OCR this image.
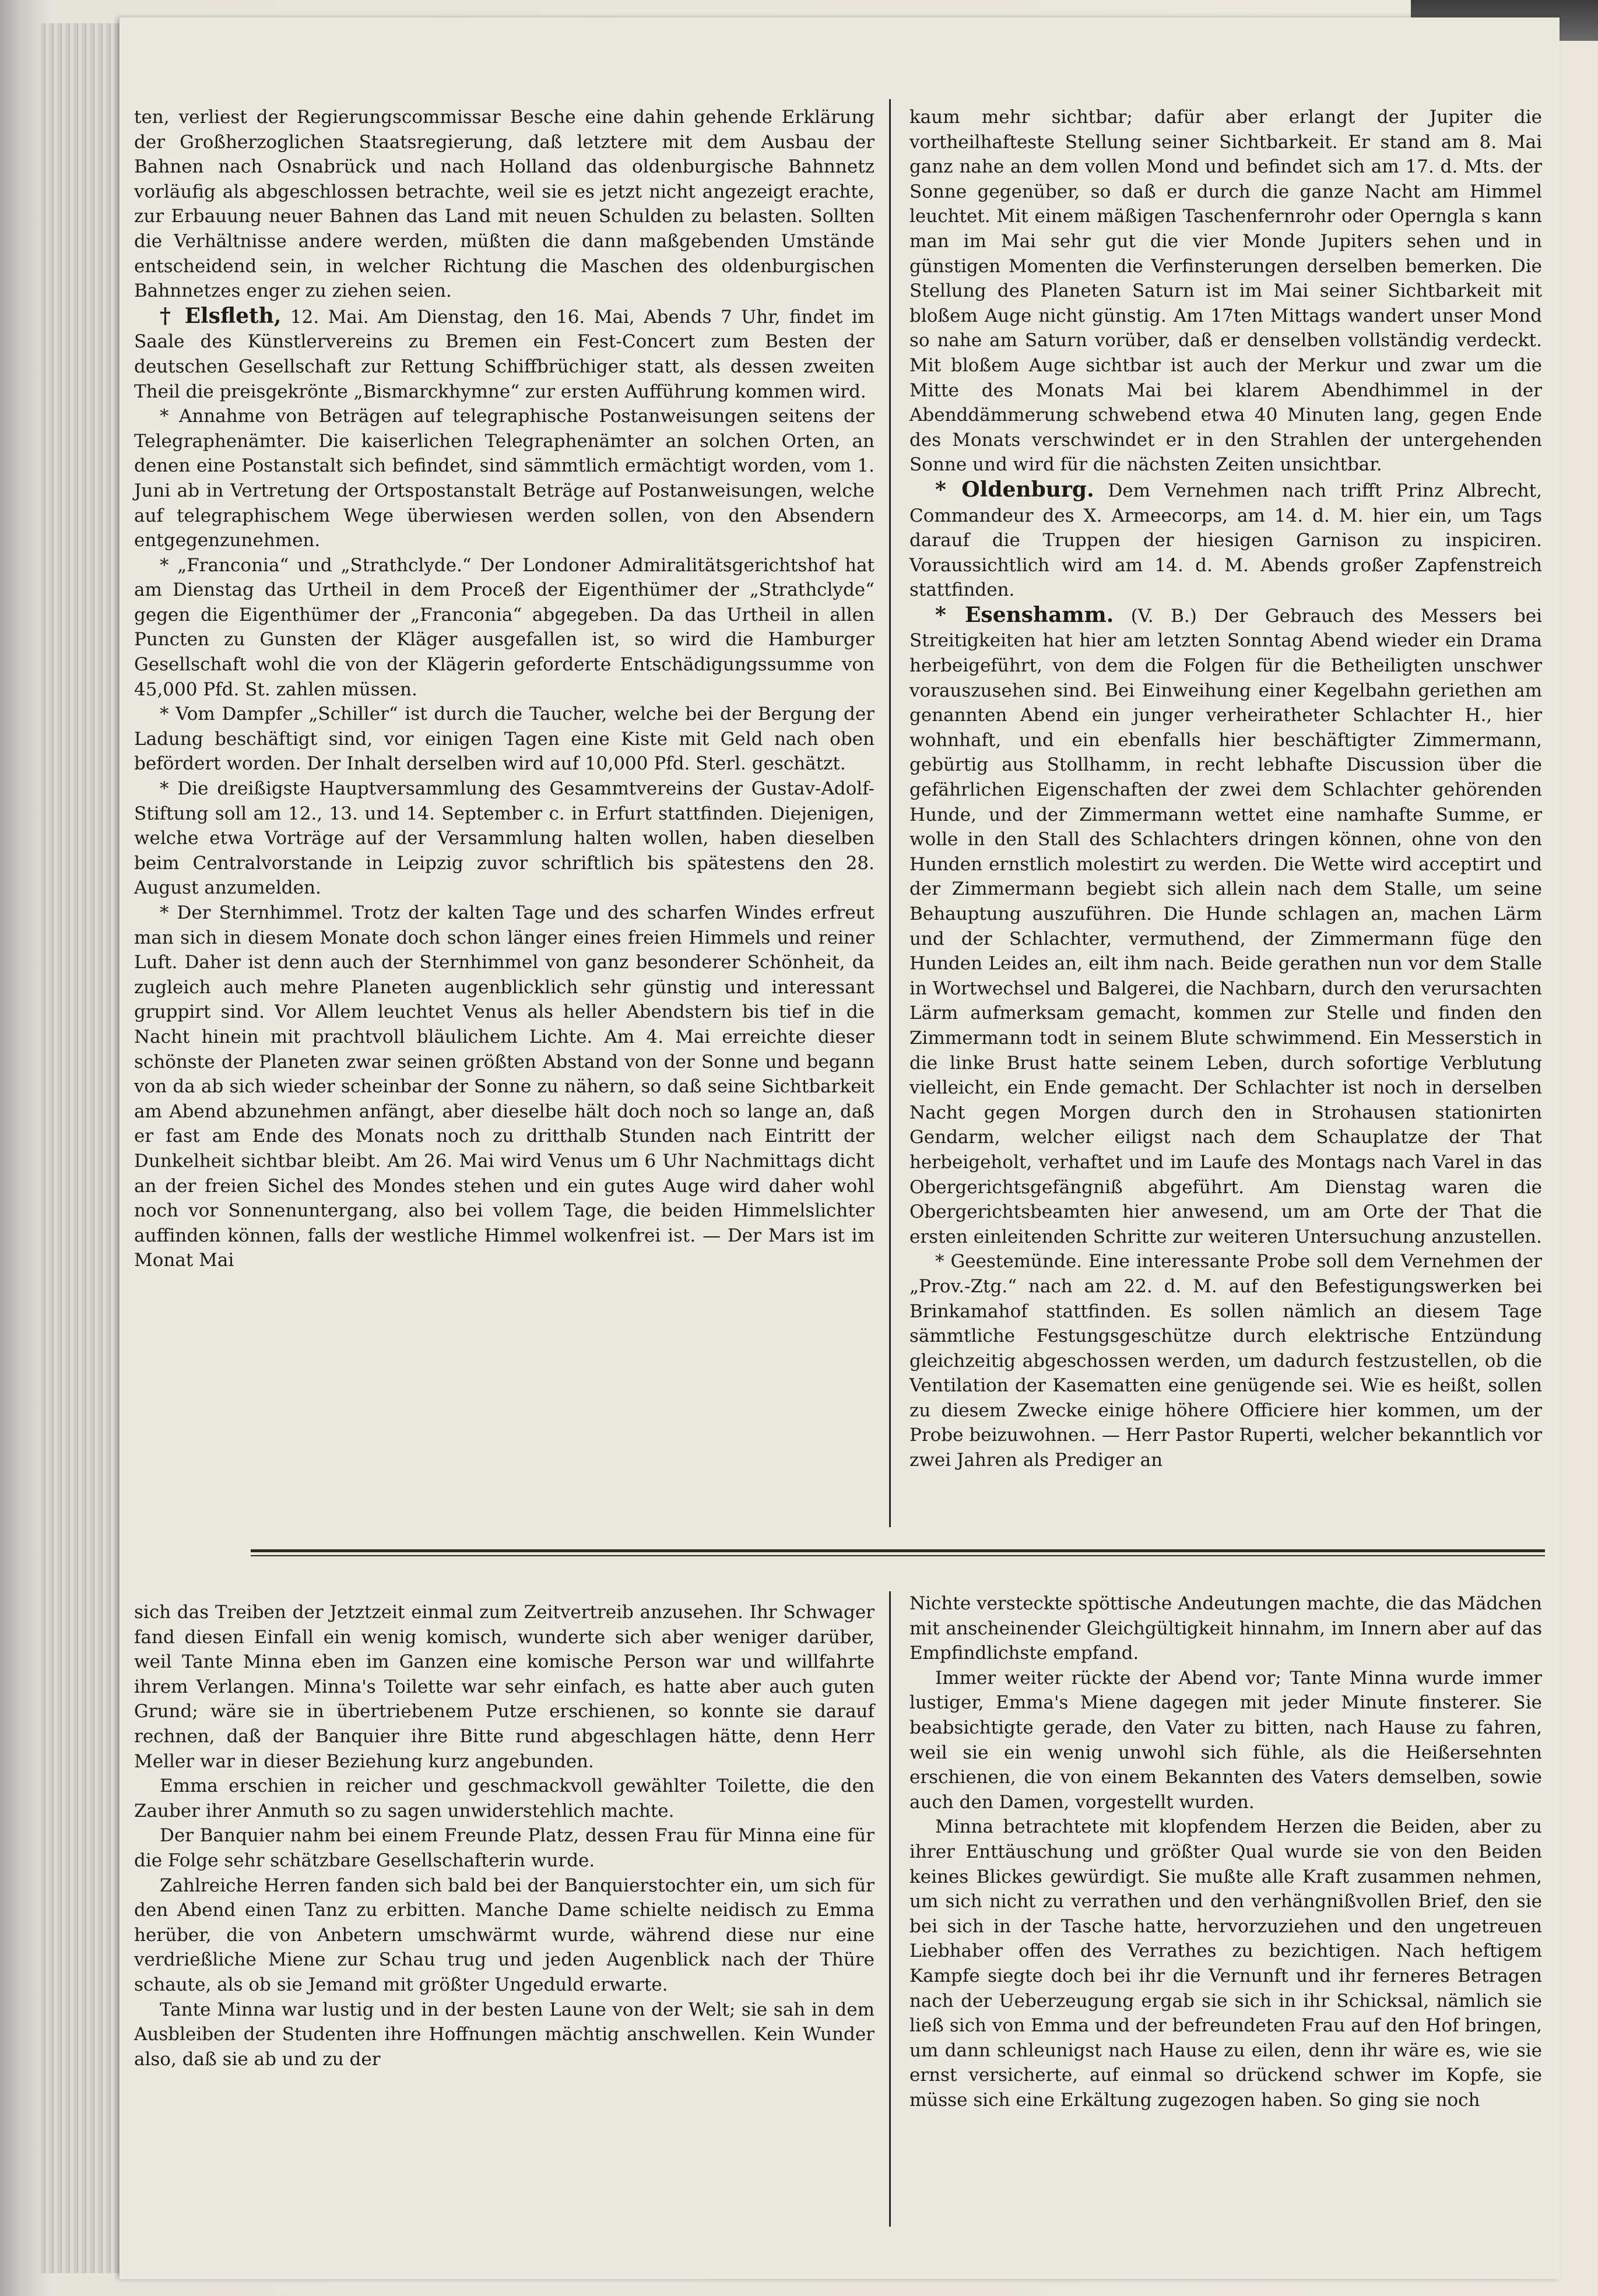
ten, verliest der Regierungscommissar Besche eine dahin gehende Erklärung der Großherzoglichen Staatsregierung, daß letztere mit dem Ausbau der Bahnen nach Osnabrück und nach Holland das oldenburgische Bahnnetz vorläufig als abgeschlossen betrachte, weil sie es jetzt nicht angezeigt erachte, zur Erbauung neuer Bahnen das Land mit neuen Schulden zu belasten. Sollten die Verhältnisse andere werden, müßten die dann maßgebenden Umstände entscheidend sein, in welcher Richtung die Maschen des oldenburgischen Bahnnetzes enger zu ziehen seien.

† Elsfleth, 12. Mai. Am Dienstag, den 16. Mai, Abends 7 Uhr, findet im Saale des Künstlervereins zu Bremen ein Fest-Concert zum Besten der deutschen Gesellschaft zur Rettung Schiffbrüchiger statt, als dessen zweiten Theil die preisgekrönte „Bismarckhymne“ zur ersten Aufführung kommen wird.

* Annahme von Beträgen auf telegraphische Postanweisungen seitens der Telegraphenämter. Die kaiserlichen Telegraphenämter an solchen Orten, an denen eine Postanstalt sich befindet, sind sämmtlich ermächtigt worden, vom 1. Juni ab in Vertretung der Ortspostanstalt Beträge auf Postanweisungen, welche auf telegraphischem Wege überwiesen werden sollen, von den Absendern entgegenzunehmen.

* „Franconia“ und „Strathclyde.“ Der Londoner Admiralitätsgerichtshof hat am Dienstag das Urtheil in dem Proceß der Eigenthümer der „Strathclyde“ gegen die Eigenthümer der „Franconia“ abgegeben. Da das Urtheil in allen Puncten zu Gunsten der Kläger ausgefallen ist, so wird die Hamburger Gesellschaft wohl die von der Klägerin geforderte Entschädigungssumme von 45,000 Pfd. St. zahlen müssen.

* Vom Dampfer „Schiller“ ist durch die Taucher, welche bei der Bergung der Ladung beschäftigt sind, vor einigen Tagen eine Kiste mit Geld nach oben befördert worden. Der Inhalt derselben wird auf 10,000 Pfd. Sterl. geschätzt.

* Die dreißigste Hauptversammlung des Gesammtvereins der Gustav-Adolf-Stiftung soll am 12., 13. und 14. September c. in Erfurt stattfinden. Diejenigen, welche etwa Vorträge auf der Versammlung halten wollen, haben dieselben beim Centralvorstande in Leipzig zuvor schriftlich bis spätestens den 28. August anzumelden.

* Der Sternhimmel. Trotz der kalten Tage und des scharfen Windes erfreut man sich in diesem Monate doch schon länger eines freien Himmels und reiner Luft. Daher ist denn auch der Sternhimmel von ganz besonderer Schönheit, da zugleich auch mehre Planeten augenblicklich sehr günstig und interessant gruppirt sind. Vor Allem leuchtet Venus als heller Abendstern bis tief in die Nacht hinein mit prachtvoll bläulichem Lichte. Am 4. Mai erreichte dieser schönste der Planeten zwar seinen größten Abstand von der Sonne und begann von da ab sich wieder scheinbar der Sonne zu nähern, so daß seine Sichtbarkeit am Abend abzunehmen anfängt, aber dieselbe hält doch noch so lange an, daß er fast am Ende des Monats noch zu dritthalb Stunden nach Eintritt der Dunkelheit sichtbar bleibt. Am 26. Mai wird Venus um 6 Uhr Nachmittags dicht an der freien Sichel des Mondes stehen und ein gutes Auge wird daher wohl noch vor Sonnenuntergang, also bei vollem Tage, die beiden Himmelslichter auffinden können, falls der westliche Himmel wolkenfrei ist. — Der Mars ist im Monat Mai

kaum mehr sichtbar; dafür aber erlangt der Jupiter die vortheilhafteste Stellung seiner Sichtbarkeit. Er stand am 8. Mai ganz nahe an dem vollen Mond und befindet sich am 17. d. Mts. der Sonne gegenüber, so daß er durch die ganze Nacht am Himmel leuchtet. Mit einem mäßigen Taschenfernrohr oder Operngla s kann man im Mai sehr gut die vier Monde Jupiters sehen und in günstigen Momenten die Verfinsterungen derselben bemerken. Die Stellung des Planeten Saturn ist im Mai seiner Sichtbarkeit mit bloßem Auge nicht günstig. Am 17ten Mittags wandert unser Mond so nahe am Saturn vorüber, daß er denselben vollständig verdeckt. Mit bloßem Auge sichtbar ist auch der Merkur und zwar um die Mitte des Monats Mai bei klarem Abendhimmel in der Abenddämmerung schwebend etwa 40 Minuten lang, gegen Ende des Monats verschwindet er in den Strahlen der untergehenden Sonne und wird für die nächsten Zeiten unsichtbar.

* Oldenburg. Dem Vernehmen nach trifft Prinz Albrecht, Commandeur des X. Armeecorps, am 14. d. M. hier ein, um Tags darauf die Truppen der hiesigen Garnison zu inspiciren. Voraussichtlich wird am 14. d. M. Abends großer Zapfenstreich stattfinden.

* Esenshamm. (V. B.) Der Gebrauch des Messers bei Streitigkeiten hat hier am letzten Sonntag Abend wieder ein Drama herbeigeführt, von dem die Folgen für die Betheiligten unschwer vorauszusehen sind. Bei Einweihung einer Kegelbahn geriethen am genannten Abend ein junger verheiratheter Schlachter H., hier wohnhaft, und ein ebenfalls hier beschäftigter Zimmermann, gebürtig aus Stollhamm, in recht lebhafte Discussion über die gefährlichen Eigenschaften der zwei dem Schlachter gehörenden Hunde, und der Zimmermann wettet eine namhafte Summe, er wolle in den Stall des Schlachters dringen können, ohne von den Hunden ernstlich molestirt zu werden. Die Wette wird acceptirt und der Zimmermann begiebt sich allein nach dem Stalle, um seine Behauptung auszuführen. Die Hunde schlagen an, machen Lärm und der Schlachter, vermuthend, der Zimmermann füge den Hunden Leides an, eilt ihm nach. Beide gerathen nun vor dem Stalle in Wortwechsel und Balgerei, die Nachbarn, durch den verursachten Lärm aufmerksam gemacht, kommen zur Stelle und finden den Zimmermann todt in seinem Blute schwimmend. Ein Messerstich in die linke Brust hatte seinem Leben, durch sofortige Verblutung vielleicht, ein Ende gemacht. Der Schlachter ist noch in derselben Nacht gegen Morgen durch den in Strohausen stationirten Gendarm, welcher eiligst nach dem Schauplatze der That herbeigeholt, verhaftet und im Laufe des Montags nach Varel in das Obergerichtsgefängniß abgeführt. Am Dienstag waren die Obergerichtsbeamten hier anwesend, um am Orte der That die ersten einleitenden Schritte zur weiteren Untersuchung anzustellen.

* Geestemünde. Eine interessante Probe soll dem Vernehmen der „Prov.-Ztg.“ nach am 22. d. M. auf den Befestigungswerken bei Brinkamahof stattfinden. Es sollen nämlich an diesem Tage sämmtliche Festungsgeschütze durch elektrische Entzündung gleichzeitig abgeschossen werden, um dadurch festzustellen, ob die Ventilation der Kasematten eine genügende sei. Wie es heißt, sollen zu diesem Zwecke einige höhere Officiere hier kommen, um der Probe beizuwohnen. — Herr Pastor Ruperti, welcher bekanntlich vor zwei Jahren als Prediger an

sich das Treiben der Jetztzeit einmal zum Zeitvertreib anzusehen. Ihr Schwager fand diesen Einfall ein wenig komisch, wunderte sich aber weniger darüber, weil Tante Minna eben im Ganzen eine komische Person war und willfahrte ihrem Verlangen. Minna's Toilette war sehr einfach, es hatte aber auch guten Grund; wäre sie in übertriebenem Putze erschienen, so konnte sie darauf rechnen, daß der Banquier ihre Bitte rund abgeschlagen hätte, denn Herr Meller war in dieser Beziehung kurz angebunden.

Emma erschien in reicher und geschmackvoll gewählter Toilette, die den Zauber ihrer Anmuth so zu sagen unwiderstehlich machte.

Der Banquier nahm bei einem Freunde Platz, dessen Frau für Minna eine für die Folge sehr schätzbare Gesellschafterin wurde.

Zahlreiche Herren fanden sich bald bei der Banquierstochter ein, um sich für den Abend einen Tanz zu erbitten. Manche Dame schielte neidisch zu Emma herüber, die von Anbetern umschwärmt wurde, während diese nur eine verdrießliche Miene zur Schau trug und jeden Augenblick nach der Thüre schaute, als ob sie Jemand mit größter Ungeduld erwarte.

Tante Minna war lustig und in der besten Laune von der Welt; sie sah in dem Ausbleiben der Studenten ihre Hoffnungen mächtig anschwellen. Kein Wunder also, daß sie ab und zu der

Nichte versteckte spöttische Andeutungen machte, die das Mädchen mit anscheinender Gleichgültigkeit hinnahm, im Innern aber auf das Empfindlichste empfand.

Immer weiter rückte der Abend vor; Tante Minna wurde immer lustiger, Emma's Miene dagegen mit jeder Minute finsterer. Sie beabsichtigte gerade, den Vater zu bitten, nach Hause zu fahren, weil sie ein wenig unwohl sich fühle, als die Heißersehnten erschienen, die von einem Bekannten des Vaters demselben, sowie auch den Damen, vorgestellt wurden.

Minna betrachtete mit klopfendem Herzen die Beiden, aber zu ihrer Enttäuschung und größter Qual wurde sie von den Beiden keines Blickes gewürdigt. Sie mußte alle Kraft zusammen nehmen, um sich nicht zu verrathen und den verhängnißvollen Brief, den sie bei sich in der Tasche hatte, hervorzuziehen und den ungetreuen Liebhaber offen des Verrathes zu bezichtigen. Nach heftigem Kampfe siegte doch bei ihr die Vernunft und ihr ferneres Betragen nach der Ueberzeugung ergab sie sich in ihr Schicksal, nämlich sie ließ sich von Emma und der befreundeten Frau auf den Hof bringen, um dann schleunigst nach Hause zu eilen, denn ihr wäre es, wie sie ernst versicherte, auf einmal so drückend schwer im Kopfe, sie müsse sich eine Erkältung zugezogen haben. So ging sie noch
